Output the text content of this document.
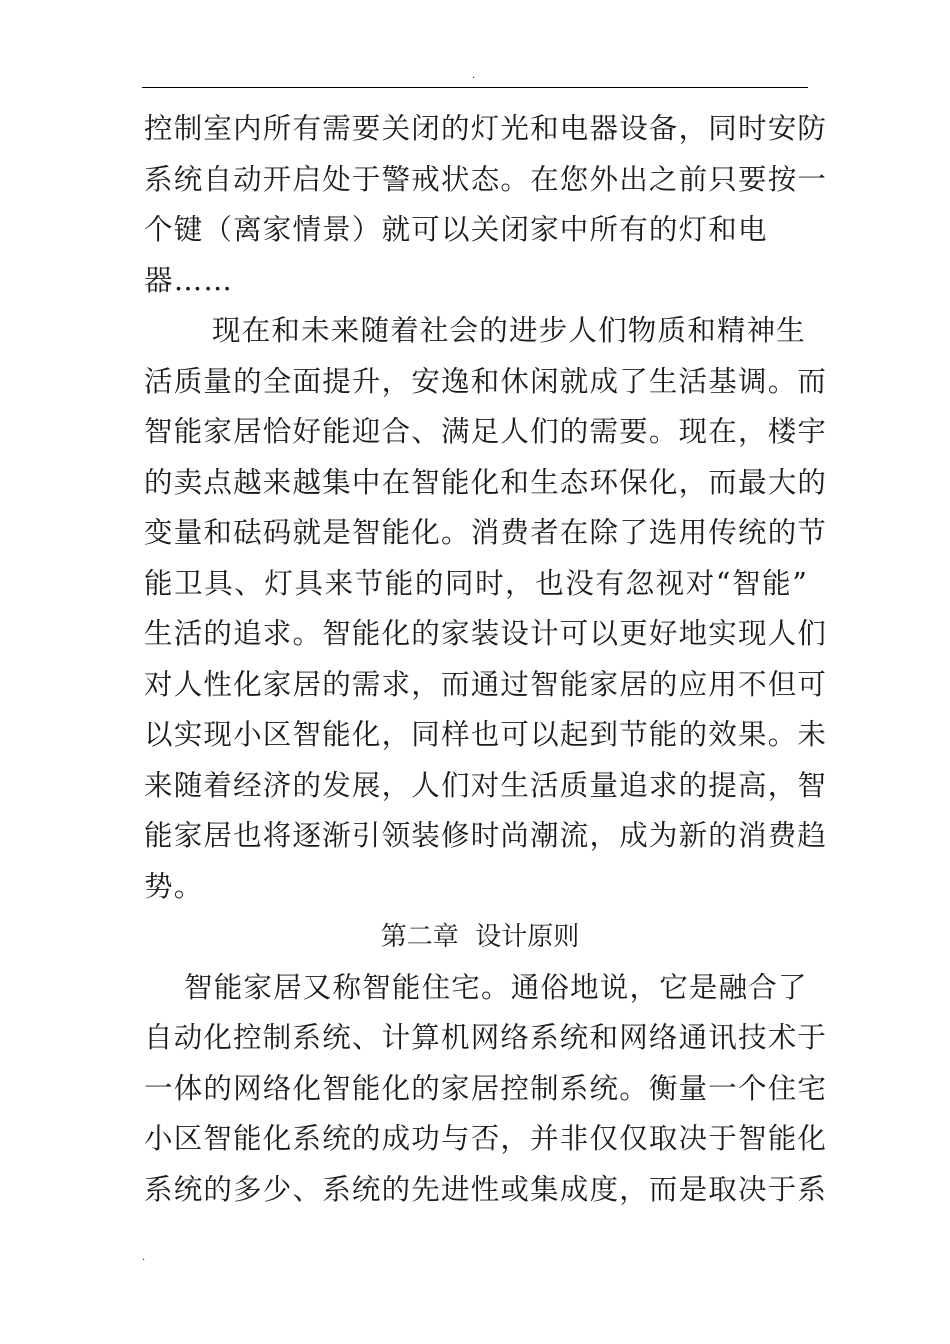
.
控制室内所有需要关闭的灯光和电器设备，同时安防
系统自动开启处于警戒状态。在您外出之前只要按一
个键（离家情景）就可以关闭家中所有的灯和电
器……
现在和未来随着社会的进步人们物质和精神生
活质量的全面提升，安逸和休闲就成了生活基调。而
智能家居恰好能迎合、满足人们的需要。现在，楼宇
的卖点越来越集中在智能化和生态环保化，而最大的
变量和砝码就是智能化。消费者在除了选用传统的节
能卫具、灯具来节能的同时，也没有忽视对“智能”
生活的追求。智能化的家装设计可以更好地实现人们
对人性化家居的需求，而通过智能家居的应用不但可
以实现小区智能化，同样也可以起到节能的效果。未
来随着经济的发展，人们对生活质量追求的提高，智
能家居也将逐渐引领装修时尚潮流，成为新的消费趋
势。
第二章  设计原则
智能家居又称智能住宅。通俗地说，它是融合了
自动化控制系统、计算机网络系统和网络通讯技术于
一体的网络化智能化的家居控制系统。衡量一个住宅
小区智能化系统的成功与否，并非仅仅取决于智能化
系统的多少、系统的先进性或集成度，而是取决于系
.
